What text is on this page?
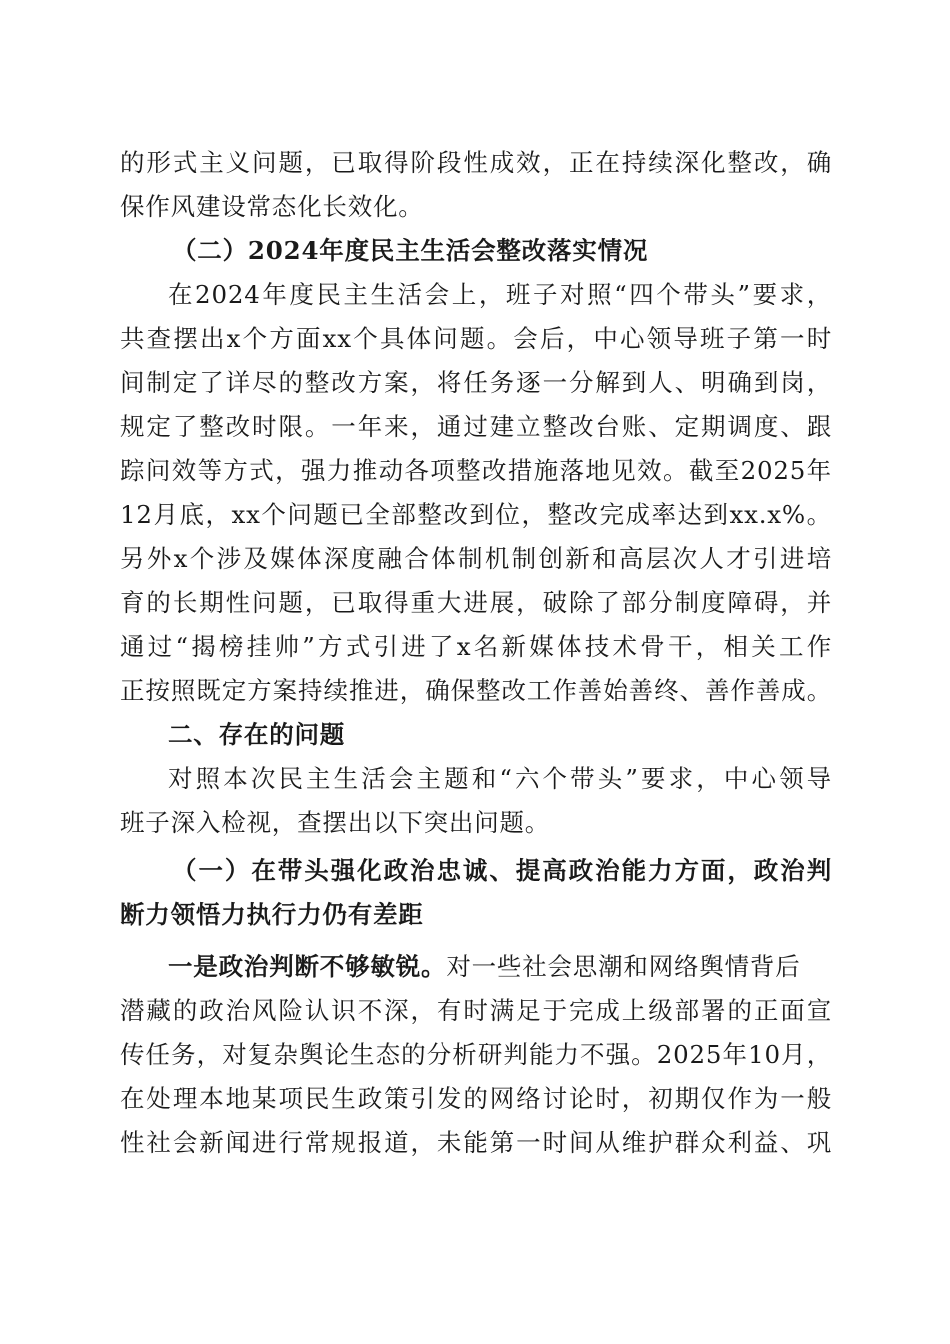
的形式主义问题，已取得阶段性成效，正在持续深化整改，确
保作风建设常态化长效化。
（二）2024年度民主生活会整改落实情况
在2024年度民主生活会上，班子对照“四个带头”要求，
共查摆出x个方面xx个具体问题。会后，中心领导班子第一时
间制定了详尽的整改方案，将任务逐一分解到人、明确到岗，
规定了整改时限。一年来，通过建立整改台账、定期调度、跟
踪问效等方式，强力推动各项整改措施落地见效。截至2025年
12月底，xx个问题已全部整改到位，整改完成率达到xx.x%。
另外x个涉及媒体深度融合体制机制创新和高层次人才引进培
育的长期性问题，已取得重大进展，破除了部分制度障碍，并
通过“揭榜挂帅”方式引进了x名新媒体技术骨干，相关工作
正按照既定方案持续推进，确保整改工作善始善终、善作善成。
二、存在的问题
对照本次民主生活会主题和“六个带头”要求，中心领导
班子深入检视，查摆出以下突出问题。
（一）在带头强化政治忠诚、提高政治能力方面，政治判
断力领悟力执行力仍有差距
一是政治判断不够敏锐。对一些社会思潮和网络舆情背后
潜藏的政治风险认识不深，有时满足于完成上级部署的正面宣
传任务，对复杂舆论生态的分析研判能力不强。2025年10月，
在处理本地某项民生政策引发的网络讨论时，初期仅作为一般
性社会新闻进行常规报道，未能第一时间从维护群众利益、巩
